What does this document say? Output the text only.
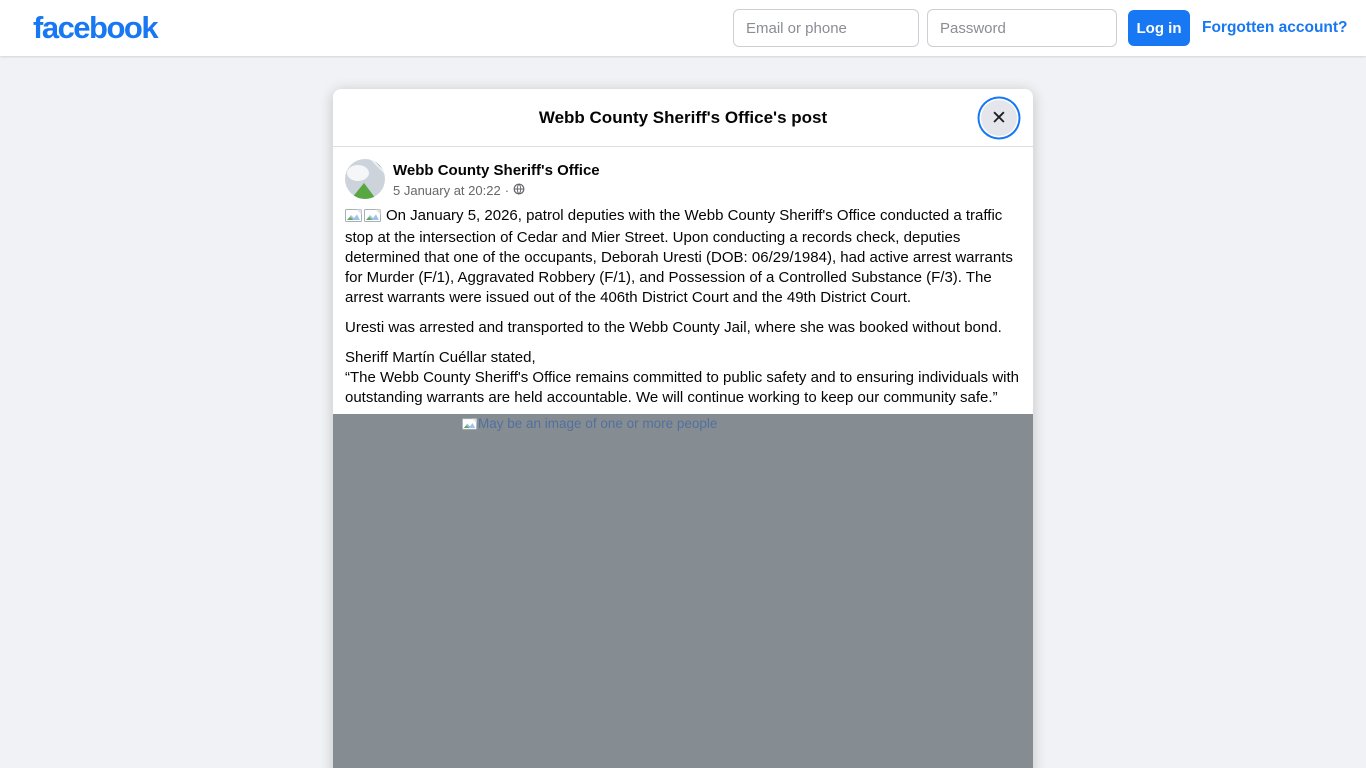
facebook
Email or phone	Log in	Forgotten account?
Webb County Sheriff's Office's post	✕
Webb County Sheriff's Office
5 January at 20:22 ·

On January 5, 2026, patrol deputies with the Webb County Sheriff's Office conducted a traffic stop at the intersection of Cedar and Mier Street. Upon conducting a records check, deputies determined that one of the occupants, Deborah Uresti (DOB: 06/29/1984), had active arrest warrants for Murder (F/1), Aggravated Robbery (F/1), and Possession of a Controlled Substance (F/3). The arrest warrants were issued out of the 406th District Court and the 49th District Court.

Uresti was arrested and transported to the Webb County Jail, where she was booked without bond.

Sheriff Martín Cuéllar stated,
“The Webb County Sheriff's Office remains committed to public safety and to ensuring individuals with outstanding warrants are held accountable. We will continue working to keep our community safe.”

May be an image of one or more people
